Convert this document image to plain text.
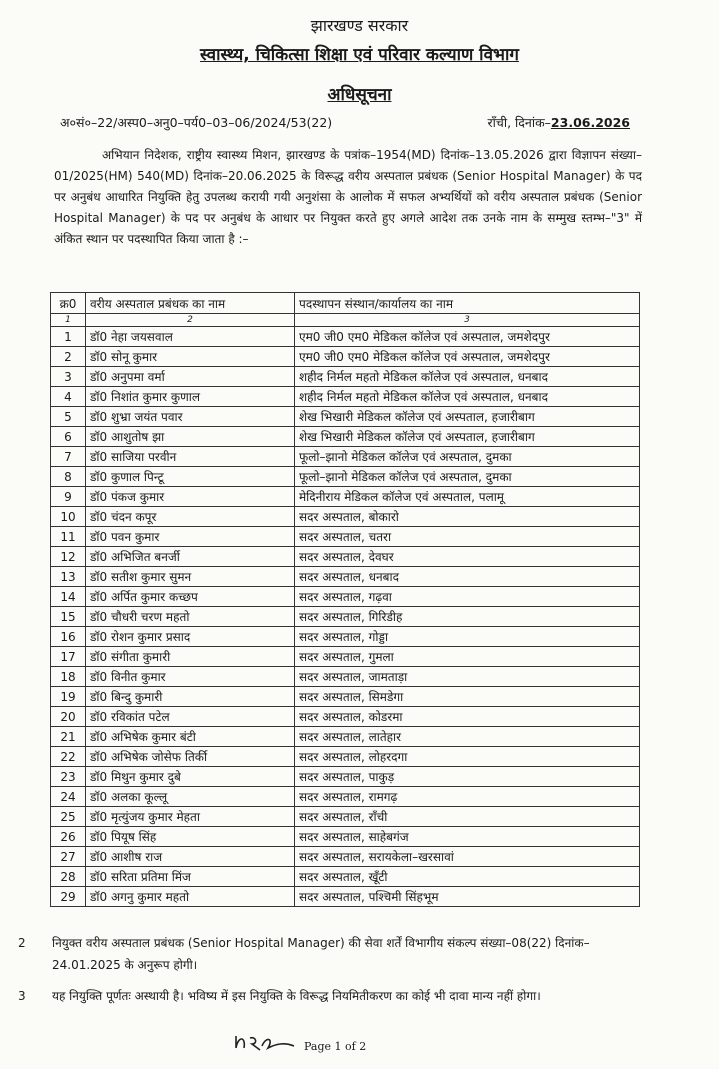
झारखण्ड सरकार
स्वास्थ्य, चिकित्सा शिक्षा एवं परिवार कल्याण विभाग
अधिसूचना
अ०सं०–22/अस्प0–अनु0–पर्य0–03–06/2024/53(22)	राँची, दिनांक–23.06.2026
अभियान निदेशक, राष्ट्रीय स्वास्थ्य मिशन, झारखण्ड के पत्रांक–1954(MD) दिनांक–13.05.2026 द्वारा विज्ञापन संख्या–01/2025(HM) 540(MD) दिनांक–20.06.2025 के विरूद्ध वरीय अस्पताल प्रबंधक (Senior Hospital Manager) के पद पर अनुबंध आधारित नियुक्ति हेतु उपलब्ध करायी गयी अनुशंसा के आलोक में सफल अभ्यर्थियों को वरीय अस्पताल प्रबंधक (Senior Hospital Manager) के पद पर अनुबंध के आधार पर नियुक्त करते हुए अगले आदेश तक उनके नाम के सम्मुख स्तम्भ–"3" में अंकित स्थान पर पदस्थापित किया जाता है :–
क्र0	वरीय अस्पताल प्रबंधक का नाम	पदस्थापन संस्थान/कार्यालय का नाम
1	2	3
1	डॉ0 नेहा जयसवाल	एम0 जी0 एम0 मेडिकल कॉलेज एवं अस्पताल, जमशेदपुर
2	डॉ0 सोनू कुमार	एम0 जी0 एम0 मेडिकल कॉलेज एवं अस्पताल, जमशेदपुर
3	डॉ0 अनुपमा वर्मा	शहीद निर्मल महतो मेडिकल कॉलेज एवं अस्पताल, धनबाद
4	डॉ0 निशांत कुमार कुणाल	शहीद निर्मल महतो मेडिकल कॉलेज एवं अस्पताल, धनबाद
5	डॉ0 शुभ्रा जयंत पवार	शेख भिखारी मेडिकल कॉलेज एवं अस्पताल, हजारीबाग
6	डॉ0 आशुतोष झा	शेख भिखारी मेडिकल कॉलेज एवं अस्पताल, हजारीबाग
7	डॉ0 साजिया परवीन	फूलो–झानो मेडिकल कॉलेज एवं अस्पताल, दुमका
8	डॉ0 कुणाल पिन्टू	फूलो–झानो मेडिकल कॉलेज एवं अस्पताल, दुमका
9	डॉ0 पंकज कुमार	मेदिनीराय मेडिकल कॉलेज एवं अस्पताल, पलामू
10	डॉ0 चंदन कपूर	सदर अस्पताल, बोकारो
11	डॉ0 पवन कुमार	सदर अस्पताल, चतरा
12	डॉ0 अभिजित बनर्जी	सदर अस्पताल, देवघर
13	डॉ0 सतीश कुमार सुमन	सदर अस्पताल, धनबाद
14	डॉ0 अर्पित कुमार कच्छप	सदर अस्पताल, गढ़वा
15	डॉ0 चौधरी चरण महतो	सदर अस्पताल, गिरिडीह
16	डॉ0 रोशन कुमार प्रसाद	सदर अस्पताल, गोड्डा
17	डॉ0 संगीता कुमारी	सदर अस्पताल, गुमला
18	डॉ0 विनीत कुमार	सदर अस्पताल, जामताड़ा
19	डॉ0 बिन्दु कुमारी	सदर अस्पताल, सिमडेगा
20	डॉ0 रविकांत पटेल	सदर अस्पताल, कोडरमा
21	डॉ0 अभिषेक कुमार बंटी	सदर अस्पताल, लातेहार
22	डॉ0 अभिषेक जोसेफ तिर्की	सदर अस्पताल, लोहरदगा
23	डॉ0 मिथुन कुमार दुबे	सदर अस्पताल, पाकुड़
24	डॉ0 अलका कूल्लू	सदर अस्पताल, रामगढ़
25	डॉ0 मृत्युंजय कुमार मेहता	सदर अस्पताल, राँची
26	डॉ0 पियूष सिंह	सदर अस्पताल, साहेबगंज
27	डॉ0 आशीष राज	सदर अस्पताल, सरायकेला–खरसावां
28	डॉ0 सरिता प्रतिमा मिंज	सदर अस्पताल, खूँटी
29	डॉ0 अगनु कुमार महतो	सदर अस्पताल, पश्चिमी सिंहभूम
2 नियुक्त वरीय अस्पताल प्रबंधक (Senior Hospital Manager) की सेवा शर्तें विभागीय संकल्प संख्या–08(22) दिनांक–24.01.2025 के अनुरूप होगी।
3 यह नियुक्ति पूर्णतः अस्थायी है। भविष्य में इस नियुक्ति के विरूद्ध नियमितीकरण का कोई भी दावा मान्य नहीं होगा।
Page 1 of 2
